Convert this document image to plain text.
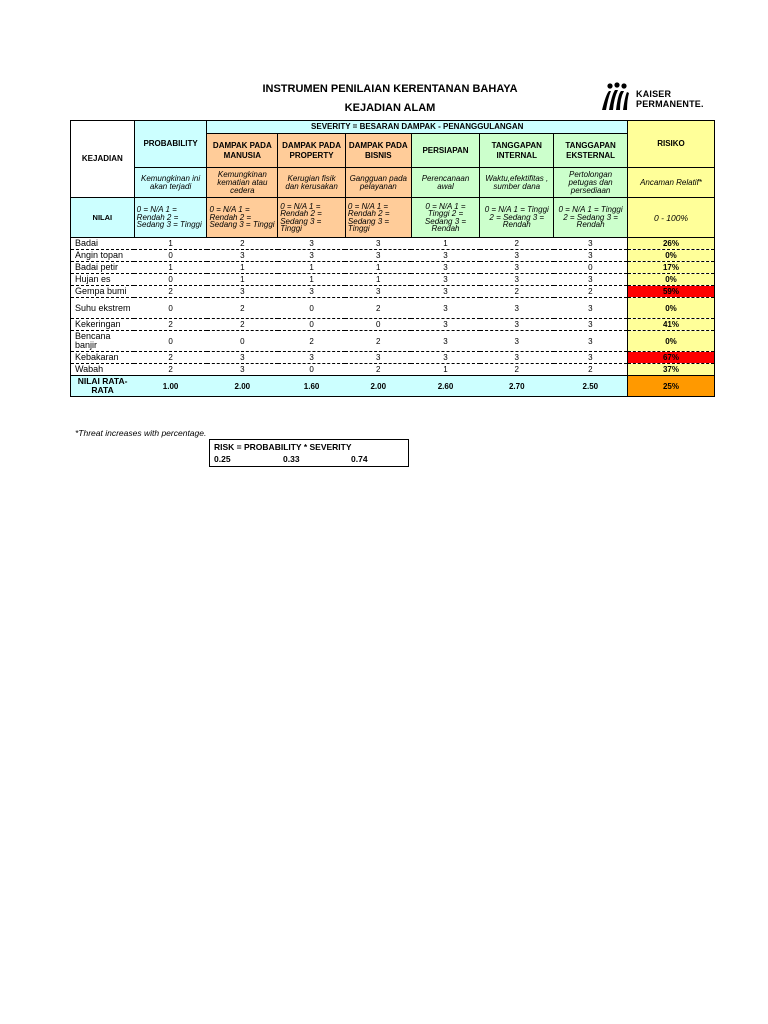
INSTRUMEN PENILAIAN KERENTANAN BAHAYA
KEJADIAN ALAM
KAISER
PERMANENTE.
KEJADIAN	PROBABILITY	SEVERITY = BESARAN DAMPAK - PENANGGULANGAN						RISIKO
		DAMPAK PADA MANUSIA	DAMPAK PADA PROPERTY	DAMPAK PADA BISNIS	PERSIAPAN	TANGGAPAN INTERNAL	TANGGAPAN EKSTERNAL	
	Kemungkinan ini akan terjadi	Kemungkinan kematian atau cedera	Kerugian fisik dan kerusakan	Gangguan pada pelayanan	Perencanaan awal	Waktu,efektifitas , sumber dana	Pertolongan petugas dan persediaan	Ancaman Relatif*
NILAI	0 = N/A 1 = Rendah 2 = Sedang 3 = Tinggi	0 = N/A 1 = Rendah 2 = Sedang 3 = Tinggi	0 = N/A 1 = Rendah 2 = Sedang 3 = Tinggi	0 = N/A 1 = Rendah 2 = Sedang 3 = Tinggi	0 = N/A 1 = Tinggi 2 = Sedang 3 = Rendah	0 = N/A 1 = Tinggi 2 = Sedang 3 = Rendah	0 = N/A 1 = Tinggi 2 = Sedang 3 = Rendah	0 - 100%
Badai	1	2	3	3	1	2	3	26%
Angin topan	0	3	3	3	3	3	3	0%
Badai petir	1	1	1	1	3	3	0	17%
Hujan es	0	1	1	1	3	3	3	0%
Gempa bumi	2	3	3	3	3	2	2	59%
Suhu ekstrem	0	2	0	2	3	3	3	0%
Kekeringan	2	2	0	0	3	3	3	41%
Bencana banjir	0	0	2	2	3	3	3	0%
Kebakaran	2	3	3	3	3	3	3	67%
Wabah	2	3	0	2	1	2	2	37%
NILAI RATA-RATA	1.00	2.00	1.60	2.00	2.60	2.70	2.50	25%
*Threat increases with percentage.
RISK = PROBABILITY * SEVERITY
0.25	0.33	0.74
